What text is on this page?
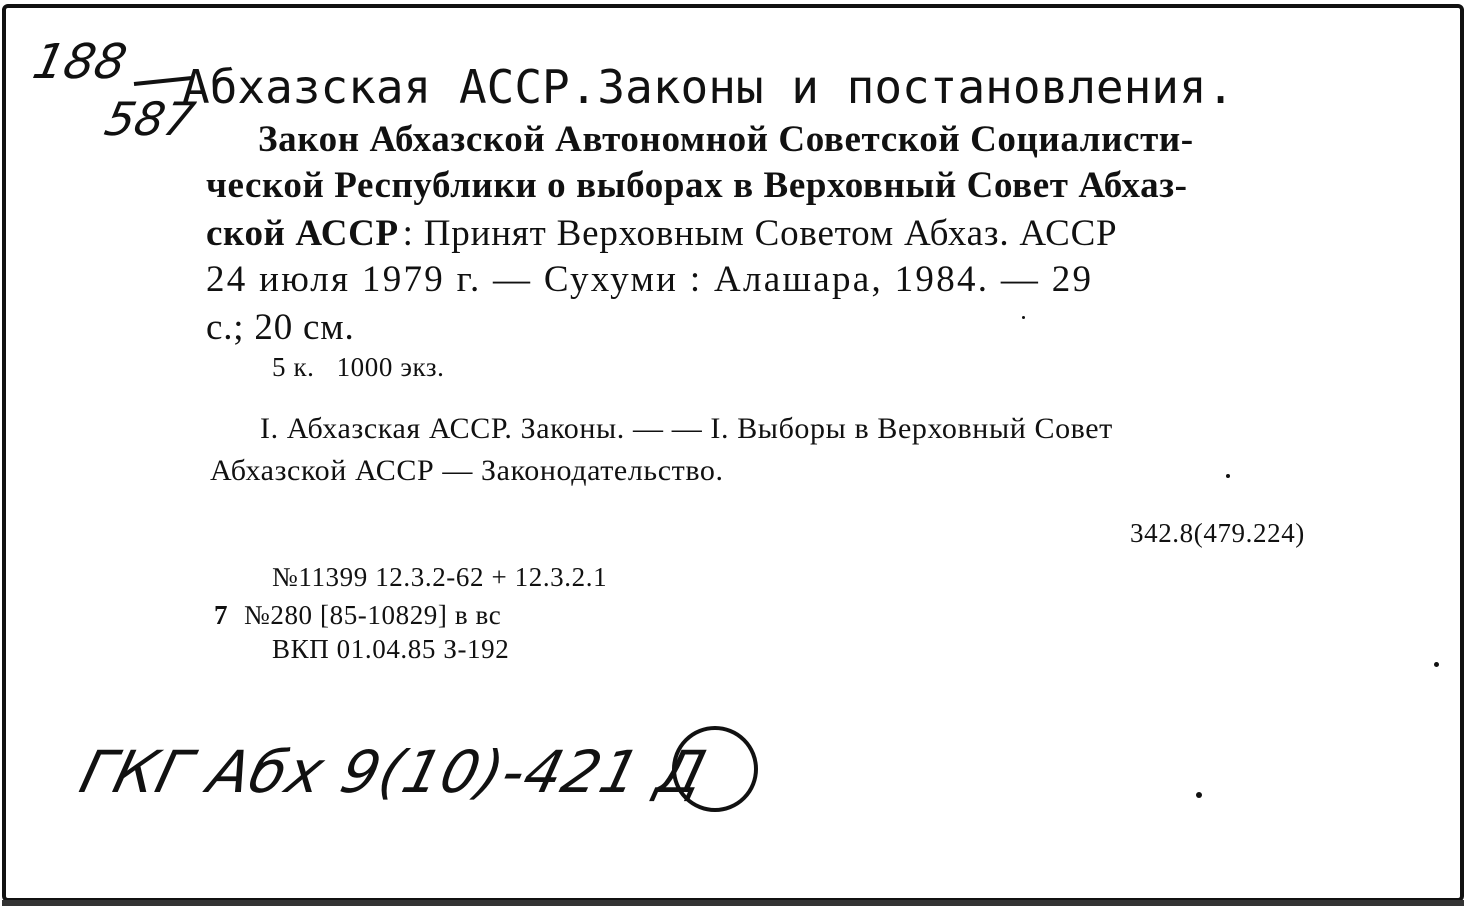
188
587
Абхазская АССР.Законы и постановления.
Закон Абхазской Автономной Советской Социалисти-
ческой Республики о выборах в Верховный Совет Абхаз-
ской АССР : Принят Верховным Советом Абхаз. АССР
24 июля 1979 г. — Сухуми : Алашара, 1984. — 29
с.; 20 см.
5 к.   1000 экз.
I. Абхазская АССР. Законы. — — I. Выборы в Верховный Совет
Абхазской АССР — Законодательство.
342.8(479.224)
№11399 12.3.2-62 + 12.3.2.1
7 №280 [85-10829] в вс
ВКП 01.04.85 З-192
ГКГ Абх 9(10)-421 Д
